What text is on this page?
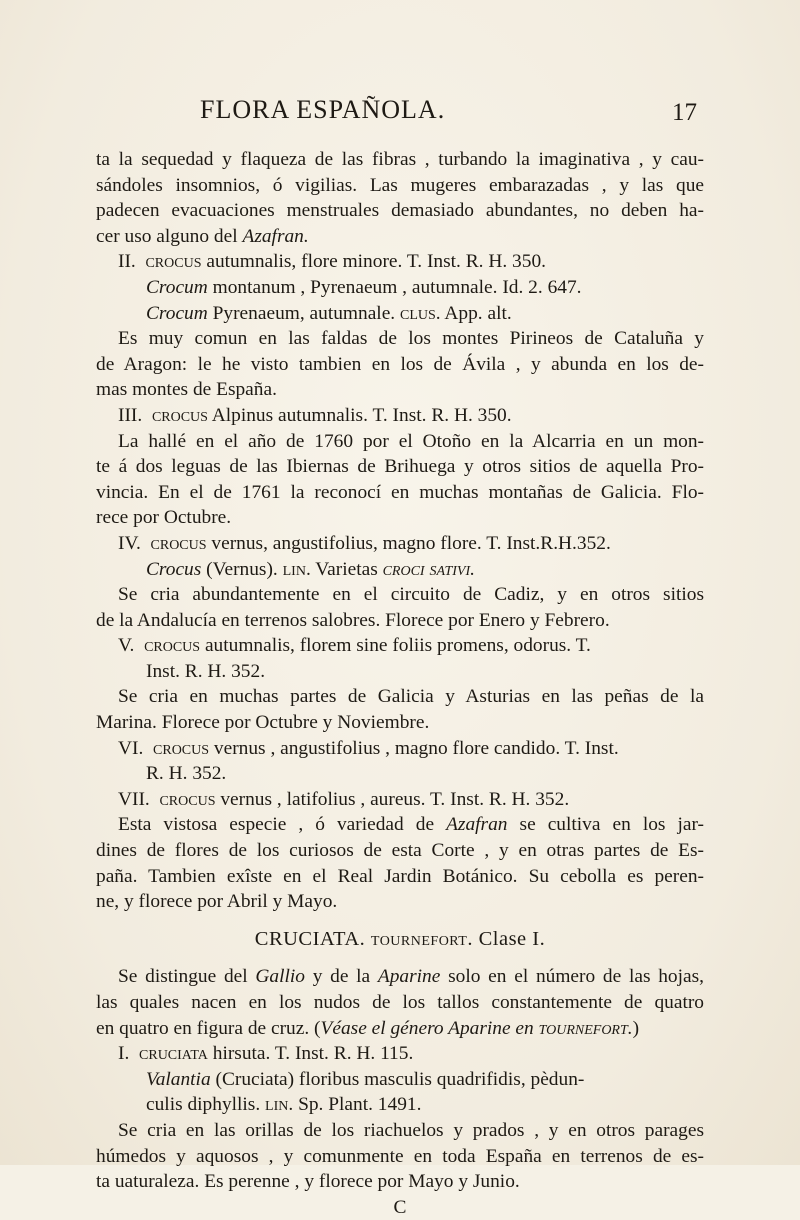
FLORA ESPAÑOLA.	17
ta la sequedad y flaqueza de las fibras , turbando la imaginativa , y cau-
sándoles insomnios, ó vigilias. Las mugeres embarazadas , y las que
padecen evacuaciones menstruales demasiado abundantes, no deben ha-
cer uso alguno del Azafran.
II. crocus autumnalis, flore minore. T. Inst. R. H. 350.
Crocum montanum , Pyrenaeum , autumnale. Id. 2. 647.
Crocum Pyrenaeum, autumnale. clus. App. alt.
Es muy comun en las faldas de los montes Pirineos de Cataluña y
de Aragon: le he visto tambien en los de Ávila , y abunda en los de-
mas montes de España.
III. crocus Alpinus autumnalis. T. Inst. R. H. 350.
La hallé en el año de 1760 por el Otoño en la Alcarria en un mon-
te á dos leguas de las Ibiernas de Brihuega y otros sitios de aquella Pro-
vincia. En el de 1761 la reconocí en muchas montañas de Galicia. Flo-
rece por Octubre.
IV. crocus vernus, angustifolius, magno flore. T. Inst.R.H.352.
Crocus (Vernus). lin. Varietas croci sativi.
Se cria abundantemente en el circuito de Cadiz, y en otros sitios
de la Andalucía en terrenos salobres. Florece por Enero y Febrero.
V. crocus autumnalis, florem sine foliis promens, odorus. T.
Inst. R. H. 352.
Se cria en muchas partes de Galicia y Asturias en las peñas de la
Marina. Florece por Octubre y Noviembre.
VI. crocus vernus , angustifolius , magno flore candido. T. Inst.
R. H. 352.
VII. crocus vernus , latifolius , aureus. T. Inst. R. H. 352.
Esta vistosa especie , ó variedad de Azafran se cultiva en los jar-
dines de flores de los curiosos de esta Corte , y en otras partes de Es-
paña. Tambien exîste en el Real Jardin Botánico. Su cebolla es peren-
ne, y florece por Abril y Mayo.
CRUCIATA. tournefort. Clase I.
Se distingue del Gallio y de la Aparine solo en el número de las hojas,
las quales nacen en los nudos de los tallos constantemente de quatro
en quatro en figura de cruz. (Véase el género Aparine en tournefort.)
I. cruciata hirsuta. T. Inst. R. H. 115.
Valantia (Cruciata) floribus masculis quadrifidis, pèdun-
culis diphyllis. lin. Sp. Plant. 1491.
Se cria en las orillas de los riachuelos y prados , y en otros parages
húmedos y aquosos , y comunmente en toda España en terrenos de es-
ta uaturaleza. Es perenne , y florece por Mayo y Junio.
C
